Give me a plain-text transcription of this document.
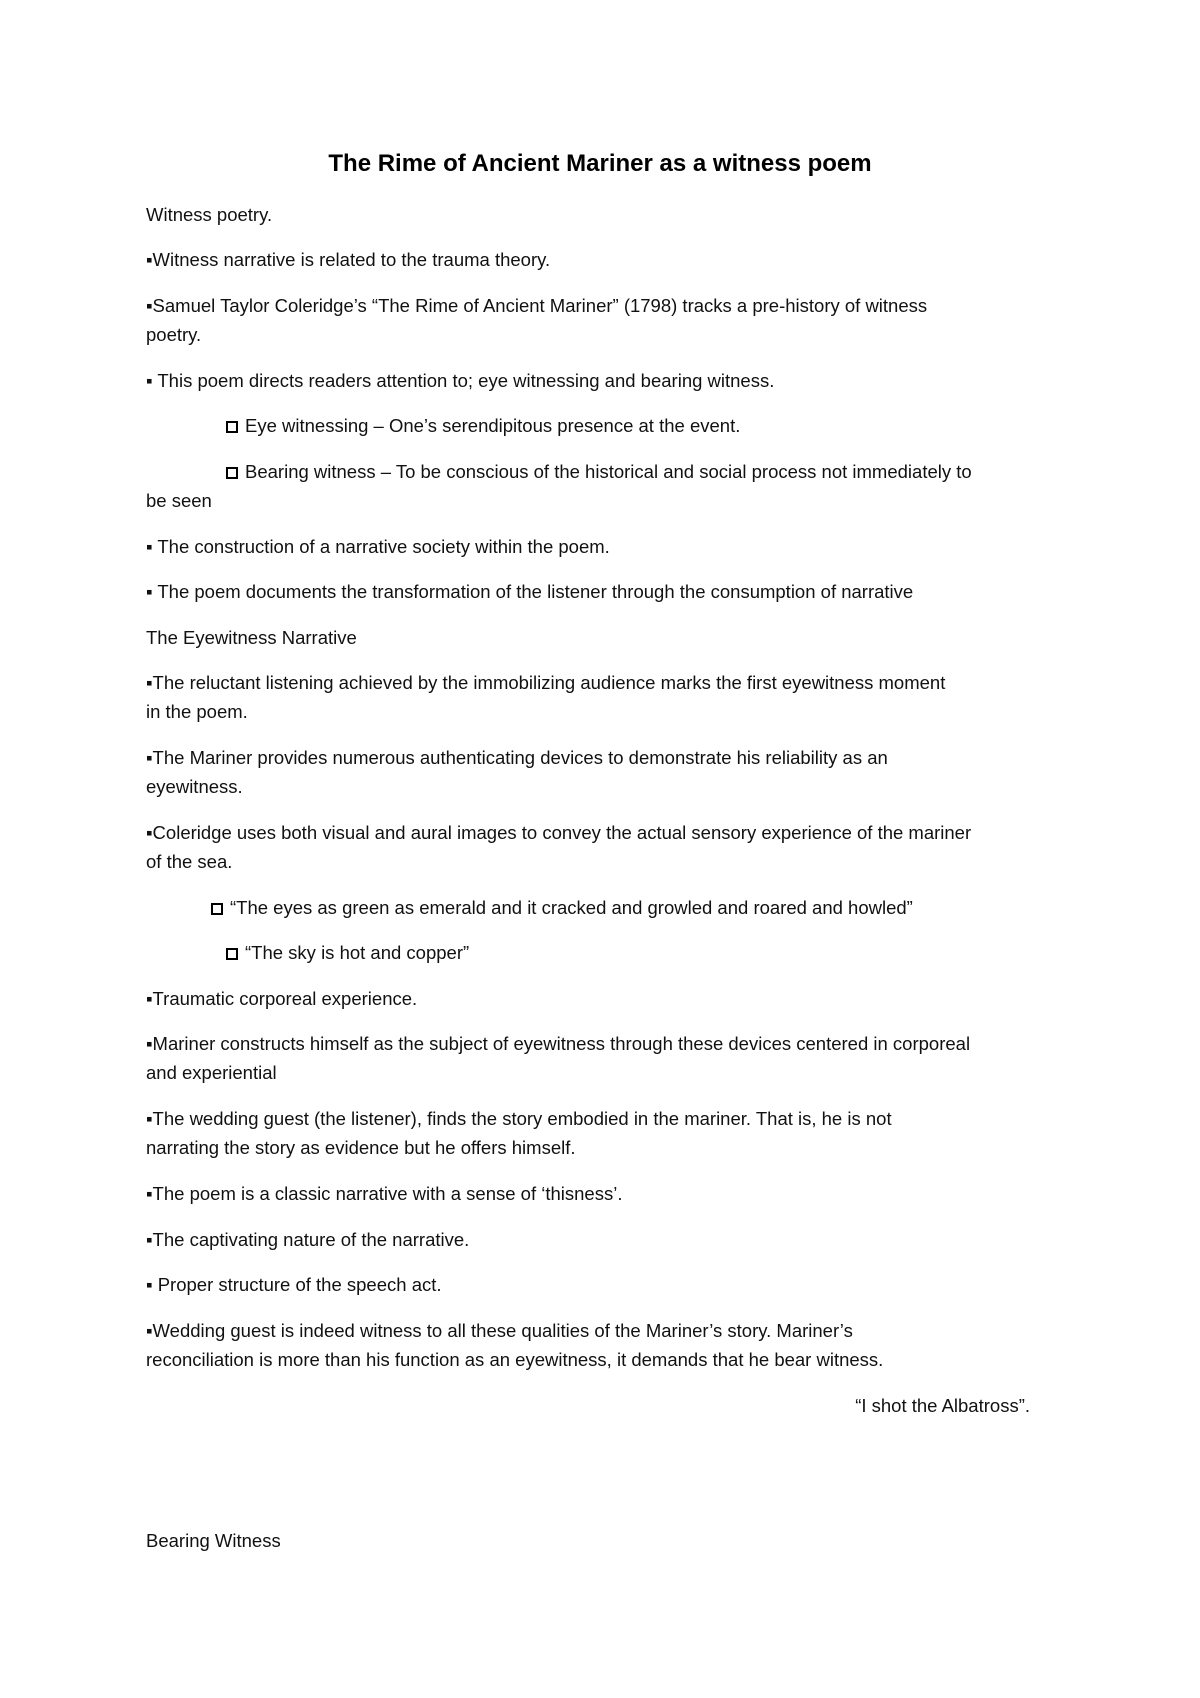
The Rime of Ancient Mariner as a witness poem

Witness poetry.

▪Witness narrative is related to the trauma theory.

▪Samuel Taylor Coleridge’s “The Rime of Ancient Mariner” (1798) tracks a pre-history of witness

poetry.

▪ This poem directs readers attention to; eye witnessing and bearing witness.

Eye witnessing – One’s serendipitous presence at the event.

Bearing witness – To be conscious of the historical and social process not immediately to

be seen

▪ The construction of a narrative society within the poem.

▪ The poem documents the transformation of the listener through the consumption of narrative

The Eyewitness Narrative

▪The reluctant listening achieved by the immobilizing audience marks the first eyewitness moment

in the poem.

▪The Mariner provides numerous authenticating devices to demonstrate his reliability as an

eyewitness.

▪Coleridge uses both visual and aural images to convey the actual sensory experience of the mariner

of the sea.

“The eyes as green as emerald and it cracked and growled and roared and howled”

“The sky is hot and copper”

▪Traumatic corporeal experience.

▪Mariner constructs himself as the subject of eyewitness through these devices centered in corporeal

and experiential

▪The wedding guest (the listener), finds the story embodied in the mariner. That is, he is not

narrating the story as evidence but he offers himself.

▪The poem is a classic narrative with a sense of ‘thisness’.

▪The captivating nature of the narrative.

▪ Proper structure of the speech act.

▪Wedding guest is indeed witness to all these qualities of the Mariner’s story. Mariner’s

reconciliation is more than his function as an eyewitness, it demands that he bear witness.

“I shot the Albatross”.

Bearing Witness
